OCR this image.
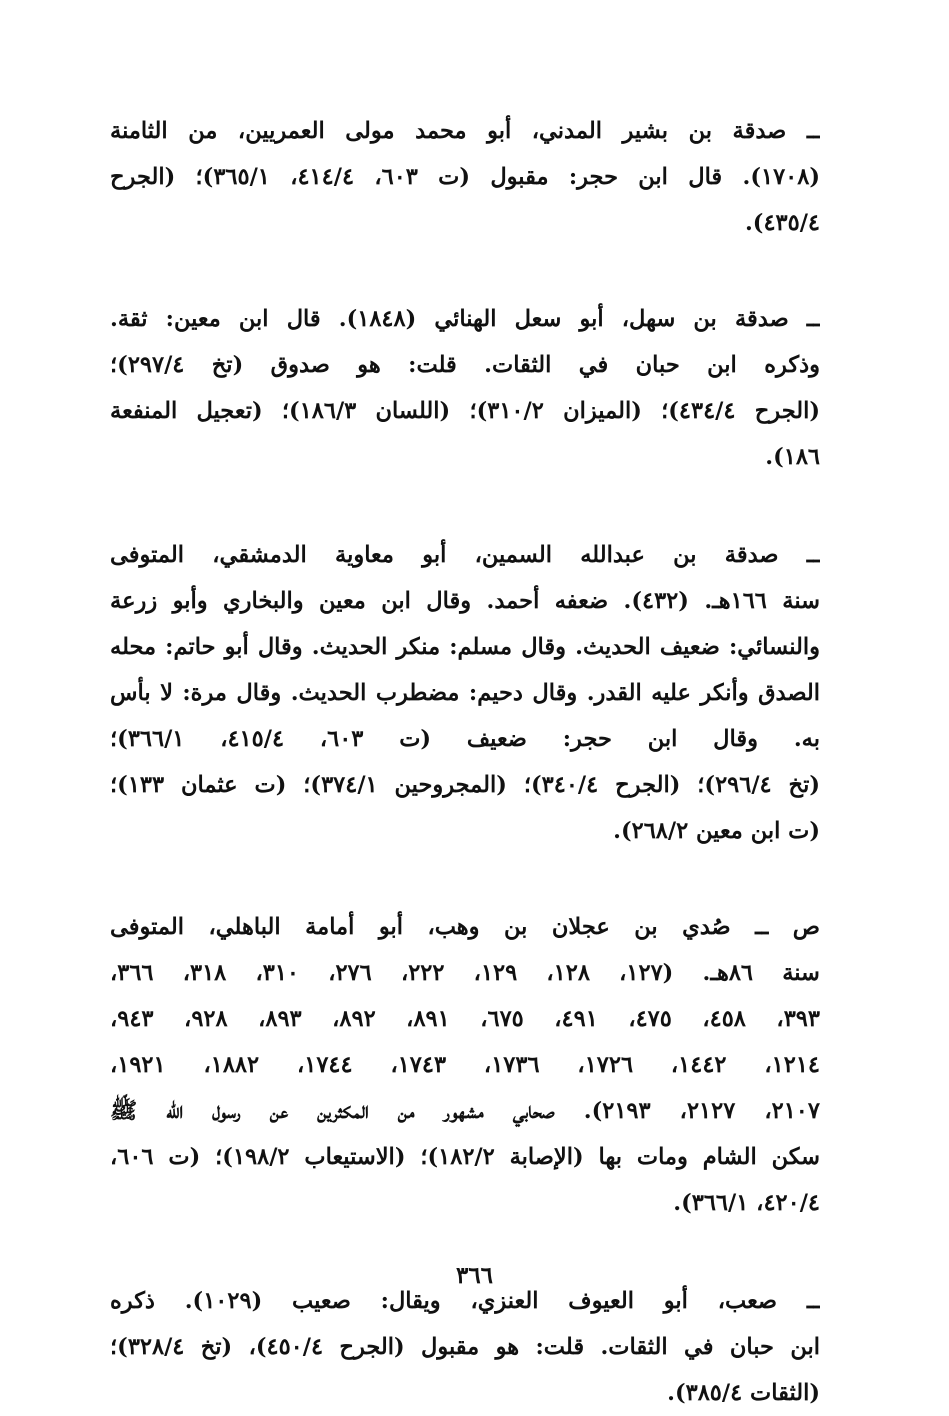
ــ صدقة بن بشير المدني، أبو محمد مولى العمريين، من الثامنة
(١٧٠٨). قال ابن حجر: مقبول (ت ٦٠٣، ٤١٤/٤، ٣٦٥/١)؛ (الجرح
٤٣٥/٤).
ــ صدقة بن سهل، أبو سعل الهنائي (١٨٤٨). قال ابن معين: ثقة.
وذكره ابن حبان في الثقات. قلت: هو صدوق (تخ ٢٩٧/٤)؛
(الجرح ٤٣٤/٤)؛ (الميزان ٣١٠/٢)؛ (اللسان ١٨٦/٣)؛ (تعجيل المنفعة
١٨٦).
ــ صدقة بن عبدالله السمين، أبو معاوية الدمشقي، المتوفى
سنة ١٦٦هـ. (٤٣٢). ضعفه أحمد. وقال ابن معين والبخاري وأبو زرعة
والنسائي: ضعيف الحديث. وقال مسلم: منكر الحديث. وقال أبو حاتم: محله
الصدق وأنكر عليه القدر. وقال دحيم: مضطرب الحديث. وقال مرة: لا بأس
به. وقال ابن حجر: ضعيف (ت ٦٠٣، ٤١٥/٤، ٣٦٦/١)؛
(تخ ٢٩٦/٤)؛ (الجرح ٣٤٠/٤)؛ (المجروحين ٣٧٤/١)؛ (ت عثمان ١٣٣)؛
(ت ابن معين ٢٦٨/٢).
ص ــ صُدي بن عجلان بن وهب، أبو أمامة الباهلي، المتوفى
سنة ٨٦هـ. (١٢٧، ١٢٨، ١٢٩، ٢٢٢، ٢٧٦، ٣١٠، ٣١٨، ٣٦٦،
٣٩٣، ٤٥٨، ٤٧٥، ٤٩١، ٦٧٥، ٨٩١، ٨٩٢، ٨٩٣، ٩٢٨، ٩٤٣،
١٢١٤، ١٤٤٢، ١٧٢٦، ١٧٣٦، ١٧٤٣، ١٧٤٤، ١٨٨٢، ١٩٢١،
٢١٠٧، ٢١٢٧، ٢١٩٣). صحابي مشهور من المكثرين عن رسول الله ﷺ
سكن الشام ومات بها (الإصابة ١٨٢/٢)؛ (الاستيعاب ١٩٨/٢)؛ (ت ٦٠٦،
٤٢٠/٤، ٣٦٦/١).
ــ صعب، أبو العيوف العنزي، ويقال: صعيب (١٠٢٩). ذكره
ابن حبان في الثقات. قلت: هو مقبول (الجرح ٤٥٠/٤)، (تخ ٣٢٨/٤)؛
(الثقات ٣٨٥/٤).
٣٦٦
